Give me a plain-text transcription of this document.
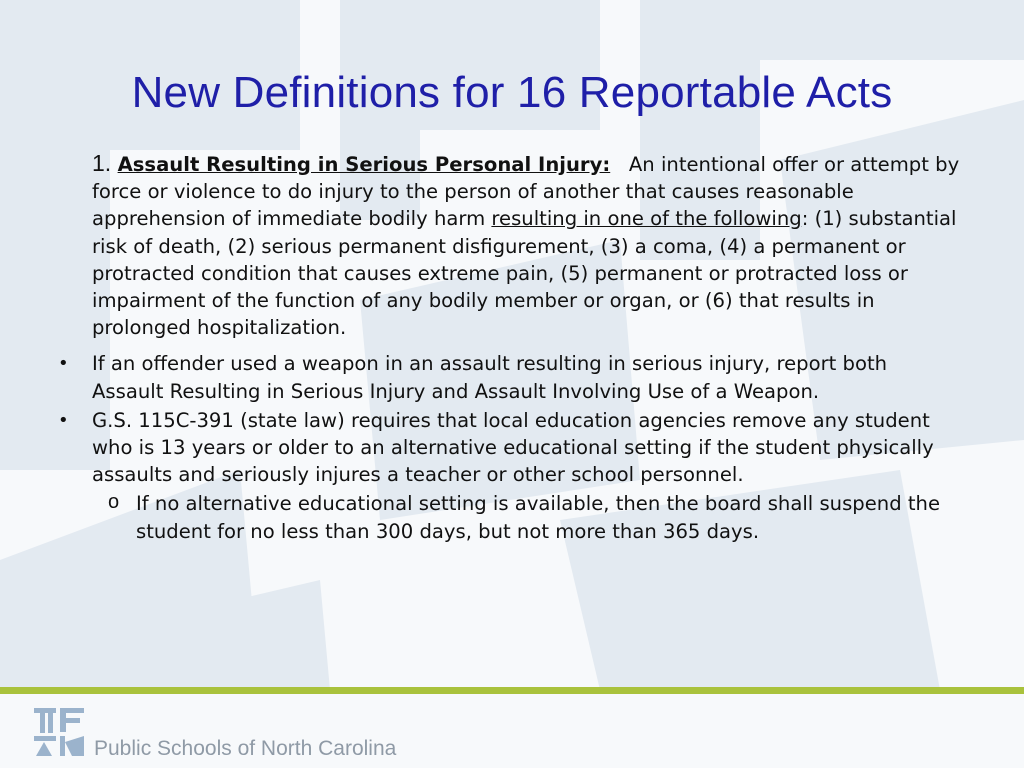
New Definitions for 16 Reportable Acts

1. Assault Resulting in Serious Personal Injury: An intentional offer or attempt by force or violence to do injury to the person of another that causes reasonable apprehension of immediate bodily harm resulting in one of the following: (1) substantial risk of death, (2) serious permanent disfigurement, (3) a coma, (4) a permanent or protracted condition that causes extreme pain, (5) permanent or protracted loss or impairment of the function of any bodily member or organ, or (6) that results in prolonged hospitalization.

• If an offender used a weapon in an assault resulting in serious injury, report both Assault Resulting in Serious Injury and Assault Involving Use of a Weapon.
• G.S. 115C-391 (state law) requires that local education agencies remove any student who is 13 years or older to an alternative educational setting if the student physically assaults and seriously injures a teacher or other school personnel.
o If no alternative educational setting is available, then the board shall suspend the student for no less than 300 days, but not more than 365 days.
Public Schools of North Carolina
